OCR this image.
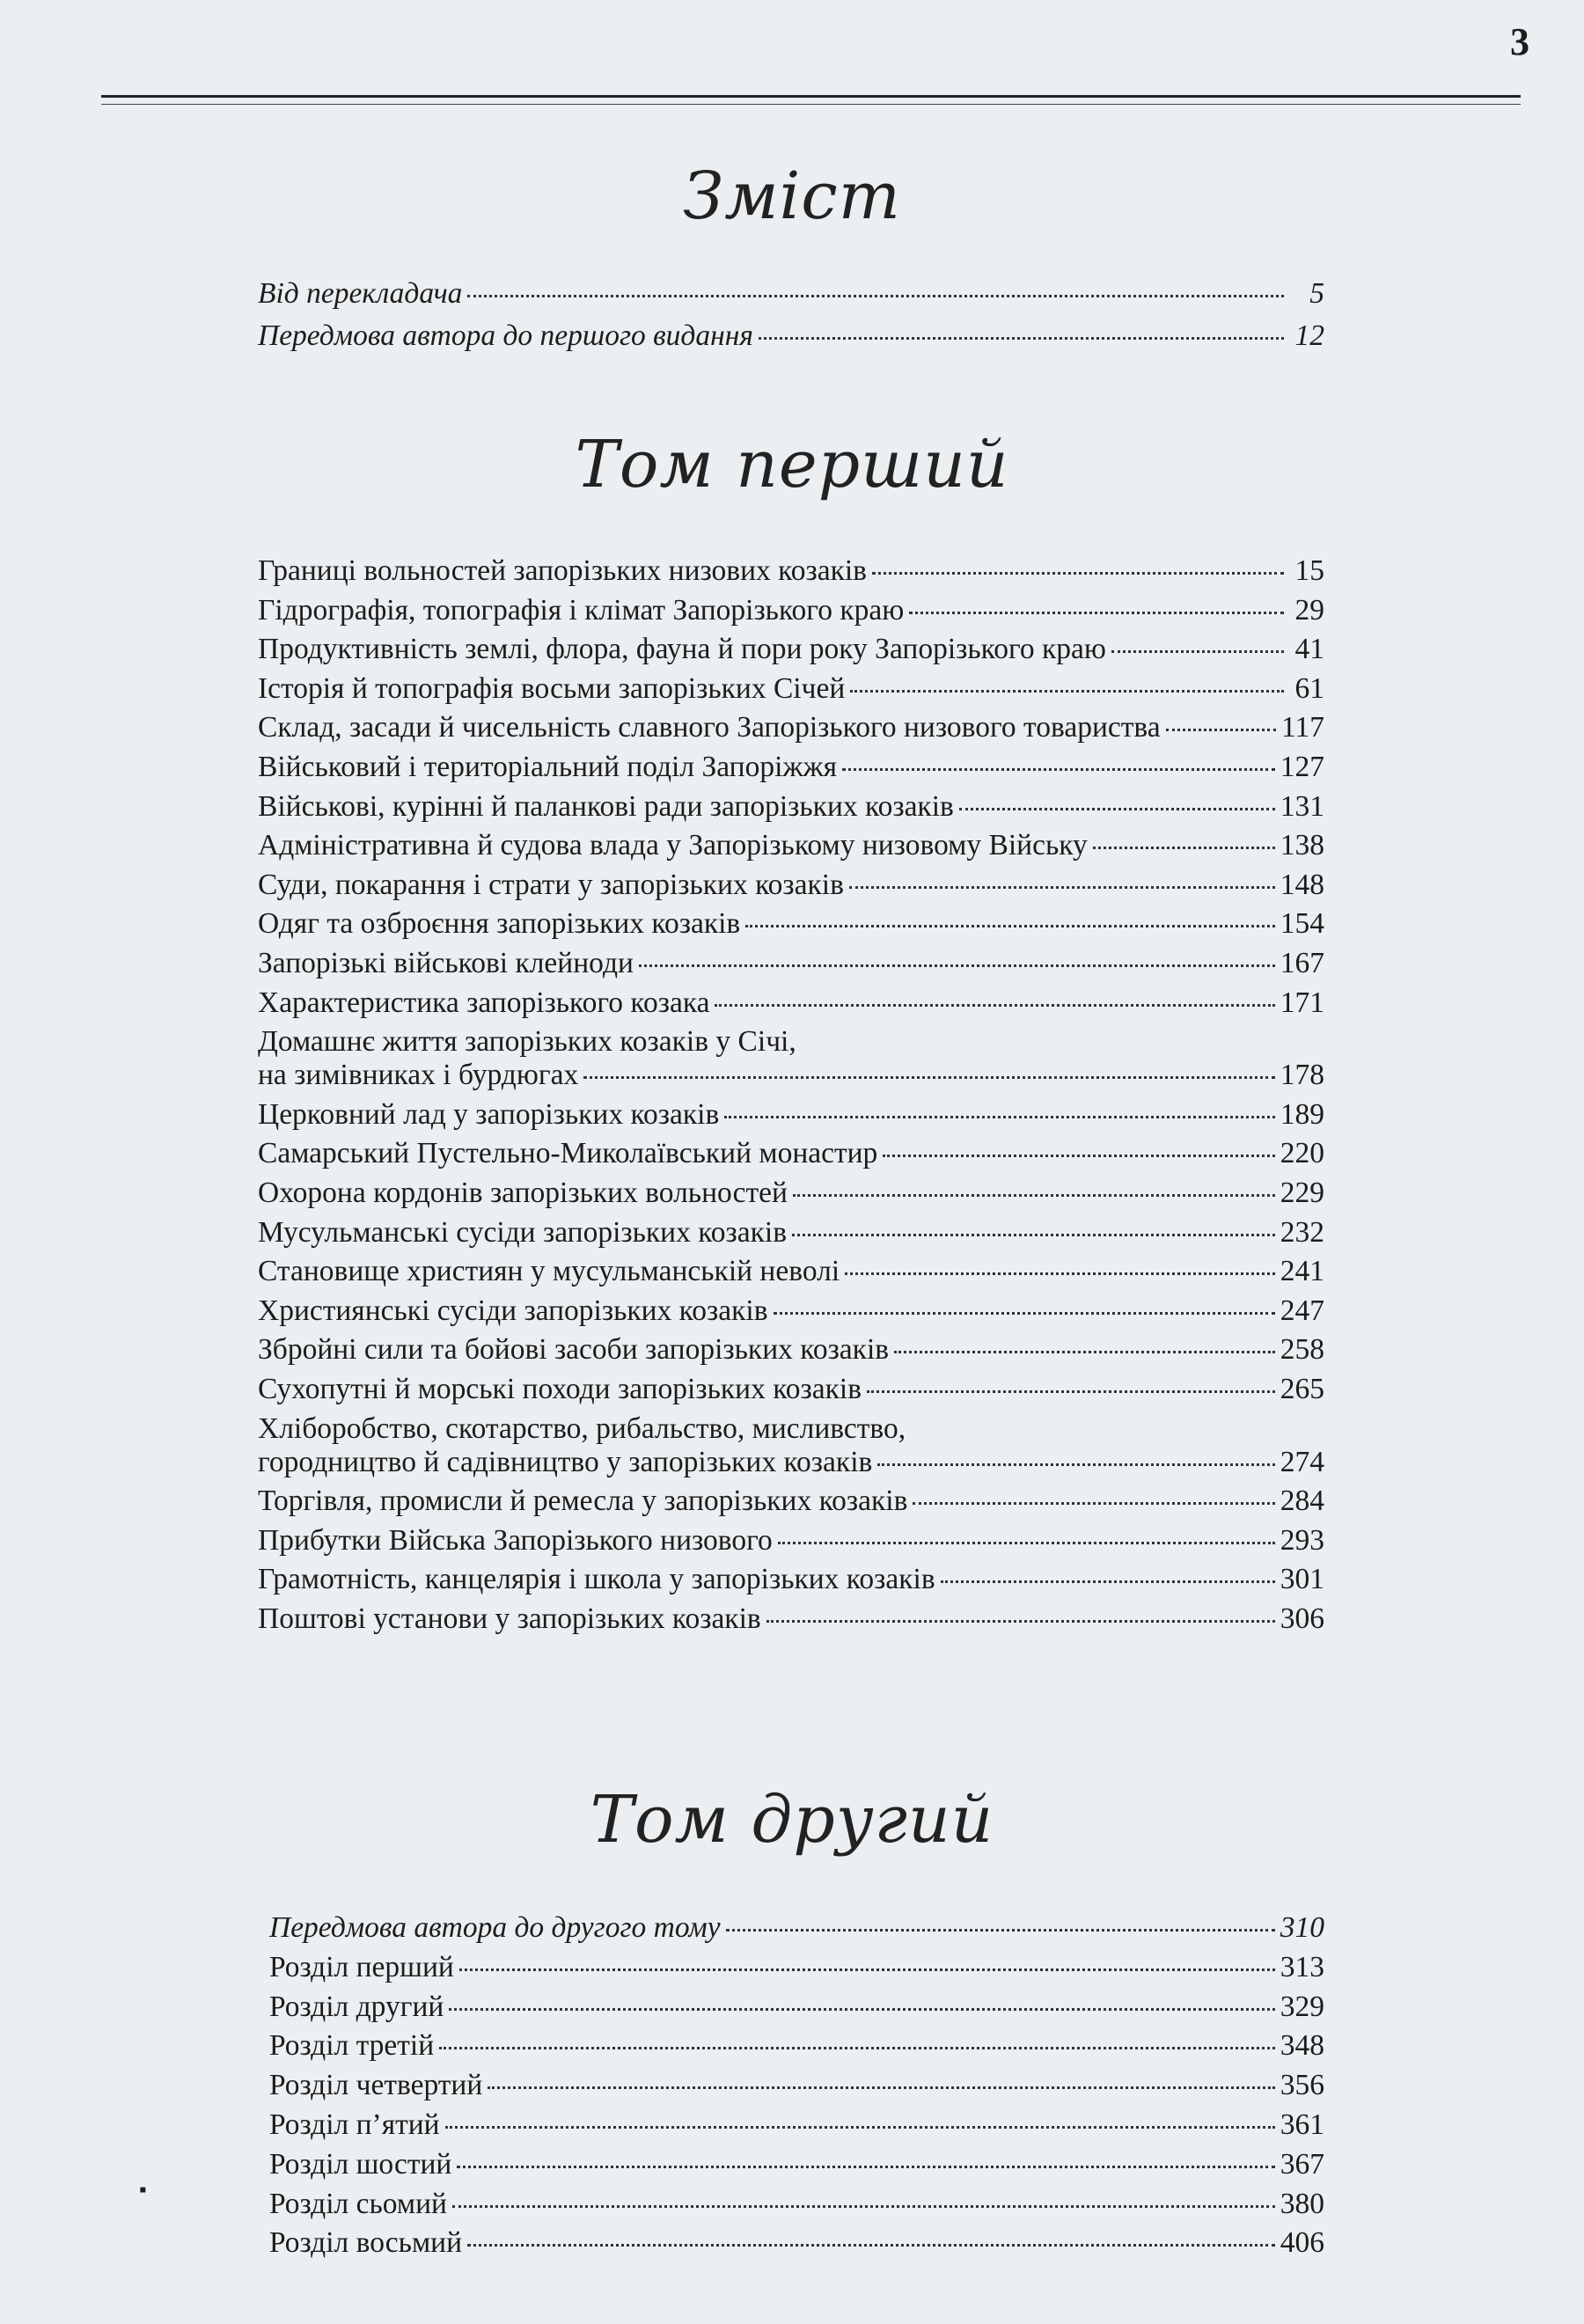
3
Зміст
Від перекладача	5
Передмова автора до першого видання	12
Том перший
Границі вольностей запорізьких низових козаків	15
Гідрографія, топографія і клімат Запорізького краю	29
Продуктивність землі, флора, фауна й пори року Запорізького краю	41
Історія й топографія восьми запорізьких Січей	61
Склад, засади й чисельність славного Запорізького низового товариства	117
Військовий і територіальний поділ Запоріжжя	127
Військові, курінні й паланкові ради запорізьких козаків	131
Адміністративна й судова влада у Запорізькому низовому Війську	138
Суди, покарання і страти у запорізьких козаків	148
Одяг та озброєння запорізьких козаків	154
Запорізькі військові клейноди	167
Характеристика запорізького козака	171
Домашнє життя запорізьких козаків у Січі,
на зимівниках і бурдюгах	178
Церковний лад у запорізьких козаків	189
Самарський Пустельно-Миколаївський монастир	220
Охорона кордонів запорізьких вольностей	229
Мусульманські сусіди запорізьких козаків	232
Становище християн у мусульманській неволі	241
Християнські сусіди запорізьких козаків	247
Збройні сили та бойові засоби запорізьких козаків	258
Сухопутні й морські походи запорізьких козаків	265
Хліборобство, скотарство, рибальство, мисливство,
городництво й садівництво у запорізьких козаків	274
Торгівля, промисли й ремесла у запорізьких козаків	284
Прибутки Війська Запорізького низового	293
Грамотність, канцелярія і школа у запорізьких козаків	301
Поштові установи у запорізьких козаків	306
Том другий
Передмова автора до другого тому	310
Розділ перший	313
Розділ другий	329
Розділ третій	348
Розділ четвертий	356
Розділ п’ятий	361
Розділ шостий	367
Розділ сьомий	380
Розділ восьмий	406
▪
